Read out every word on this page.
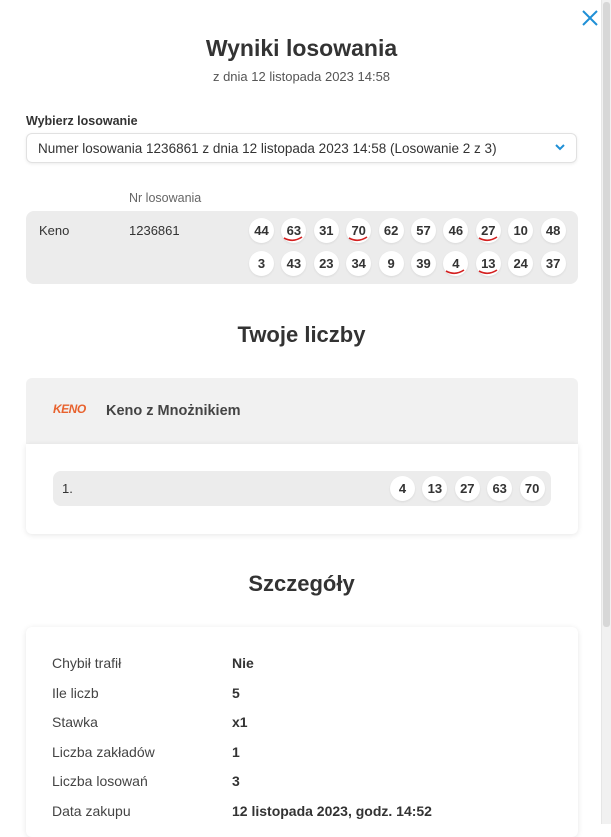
Wyniki losowania
z dnia 12 listopada 2023 14:58
Wybierz losowanie
Numer losowania 1236861 z dnia 12 listopada 2023 14:58 (Losowanie 2 z 3)
Nr losowania
Keno	1236861	44	63	31	70	62	57	46	27	10	48
3	43	23	34	9	39	4	13	24	37
Twoje liczby
KENO Keno z Mnożnikiem
1.	4	13	27	63	70
Szczegóły
Chybił trafił	Nie
Ile liczb	5
Stawka	x1
Liczba zakładów	1
Liczba losowań	3
Data zakupu	12 listopada 2023, godz. 14:52
